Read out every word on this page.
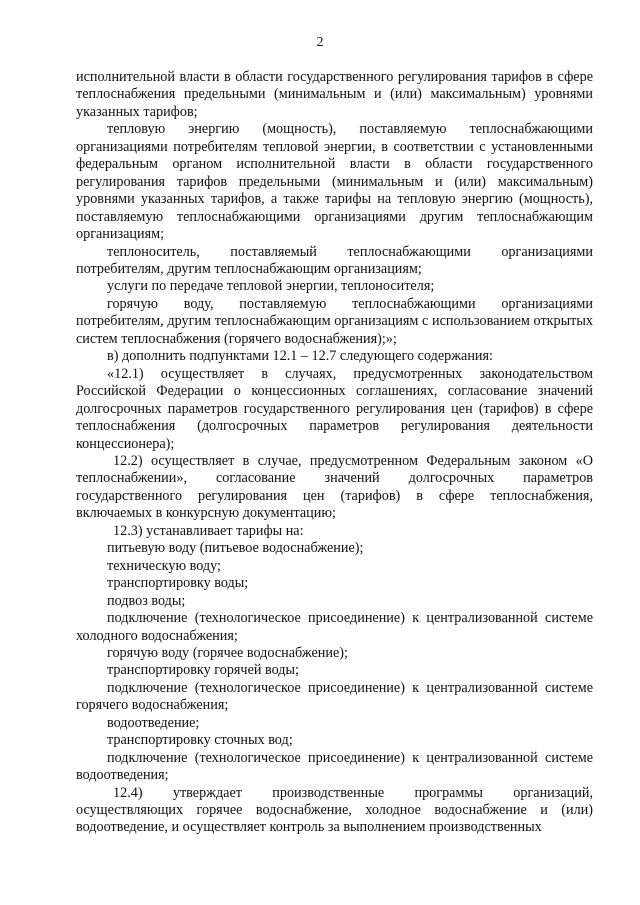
2

исполнительной власти в области государственного регулирования тарифов в сфере теплоснабжения предельными (минимальным и (или) максимальным) уровнями указанных тарифов;

тепловую энергию (мощность), поставляемую теплоснабжающими организациями потребителям тепловой энергии, в соответствии с установленными федеральным органом исполнительной власти в области государственного регулирования тарифов предельными (минимальным и (или) максимальным) уровнями указанных тарифов, а также тарифы на тепловую энергию (мощность), поставляемую теплоснабжающими организациями другим теплоснабжающим организациям;

теплоноситель, поставляемый теплоснабжающими организациями потребителям, другим теплоснабжающим организациям;

услуги по передаче тепловой энергии, теплоносителя;

горячую воду, поставляемую теплоснабжающими организациями потребителям, другим теплоснабжающим организациям с использованием открытых систем теплоснабжения (горячего водоснабжения);»;

в) дополнить подпунктами 12.1 – 12.7 следующего содержания:

«12.1) осуществляет в случаях, предусмотренных законодательством Российской Федерации о концессионных соглашениях, согласование значений долгосрочных параметров государственного регулирования цен (тарифов) в сфере теплоснабжения (долгосрочных параметров регулирования деятельности концессионера);

12.2) осуществляет в случае, предусмотренном Федеральным законом «О теплоснабжении», согласование значений долгосрочных параметров государственного регулирования цен (тарифов) в сфере теплоснабжения, включаемых в конкурсную документацию;

12.3) устанавливает тарифы на:

питьевую воду (питьевое водоснабжение);

техническую воду;

транспортировку воды;

подвоз воды;

подключение (технологическое присоединение) к централизованной системе холодного водоснабжения;

горячую воду (горячее водоснабжение);

транспортировку горячей воды;

подключение (технологическое присоединение) к централизованной системе горячего водоснабжения;

водоотведение;

транспортировку сточных вод;

подключение (технологическое присоединение) к централизованной системе водоотведения;

12.4) утверждает производственные программы организаций, осуществляющих горячее водоснабжение, холодное водоснабжение и (или) водоотведение, и осуществляет контроль за выполнением производственных
